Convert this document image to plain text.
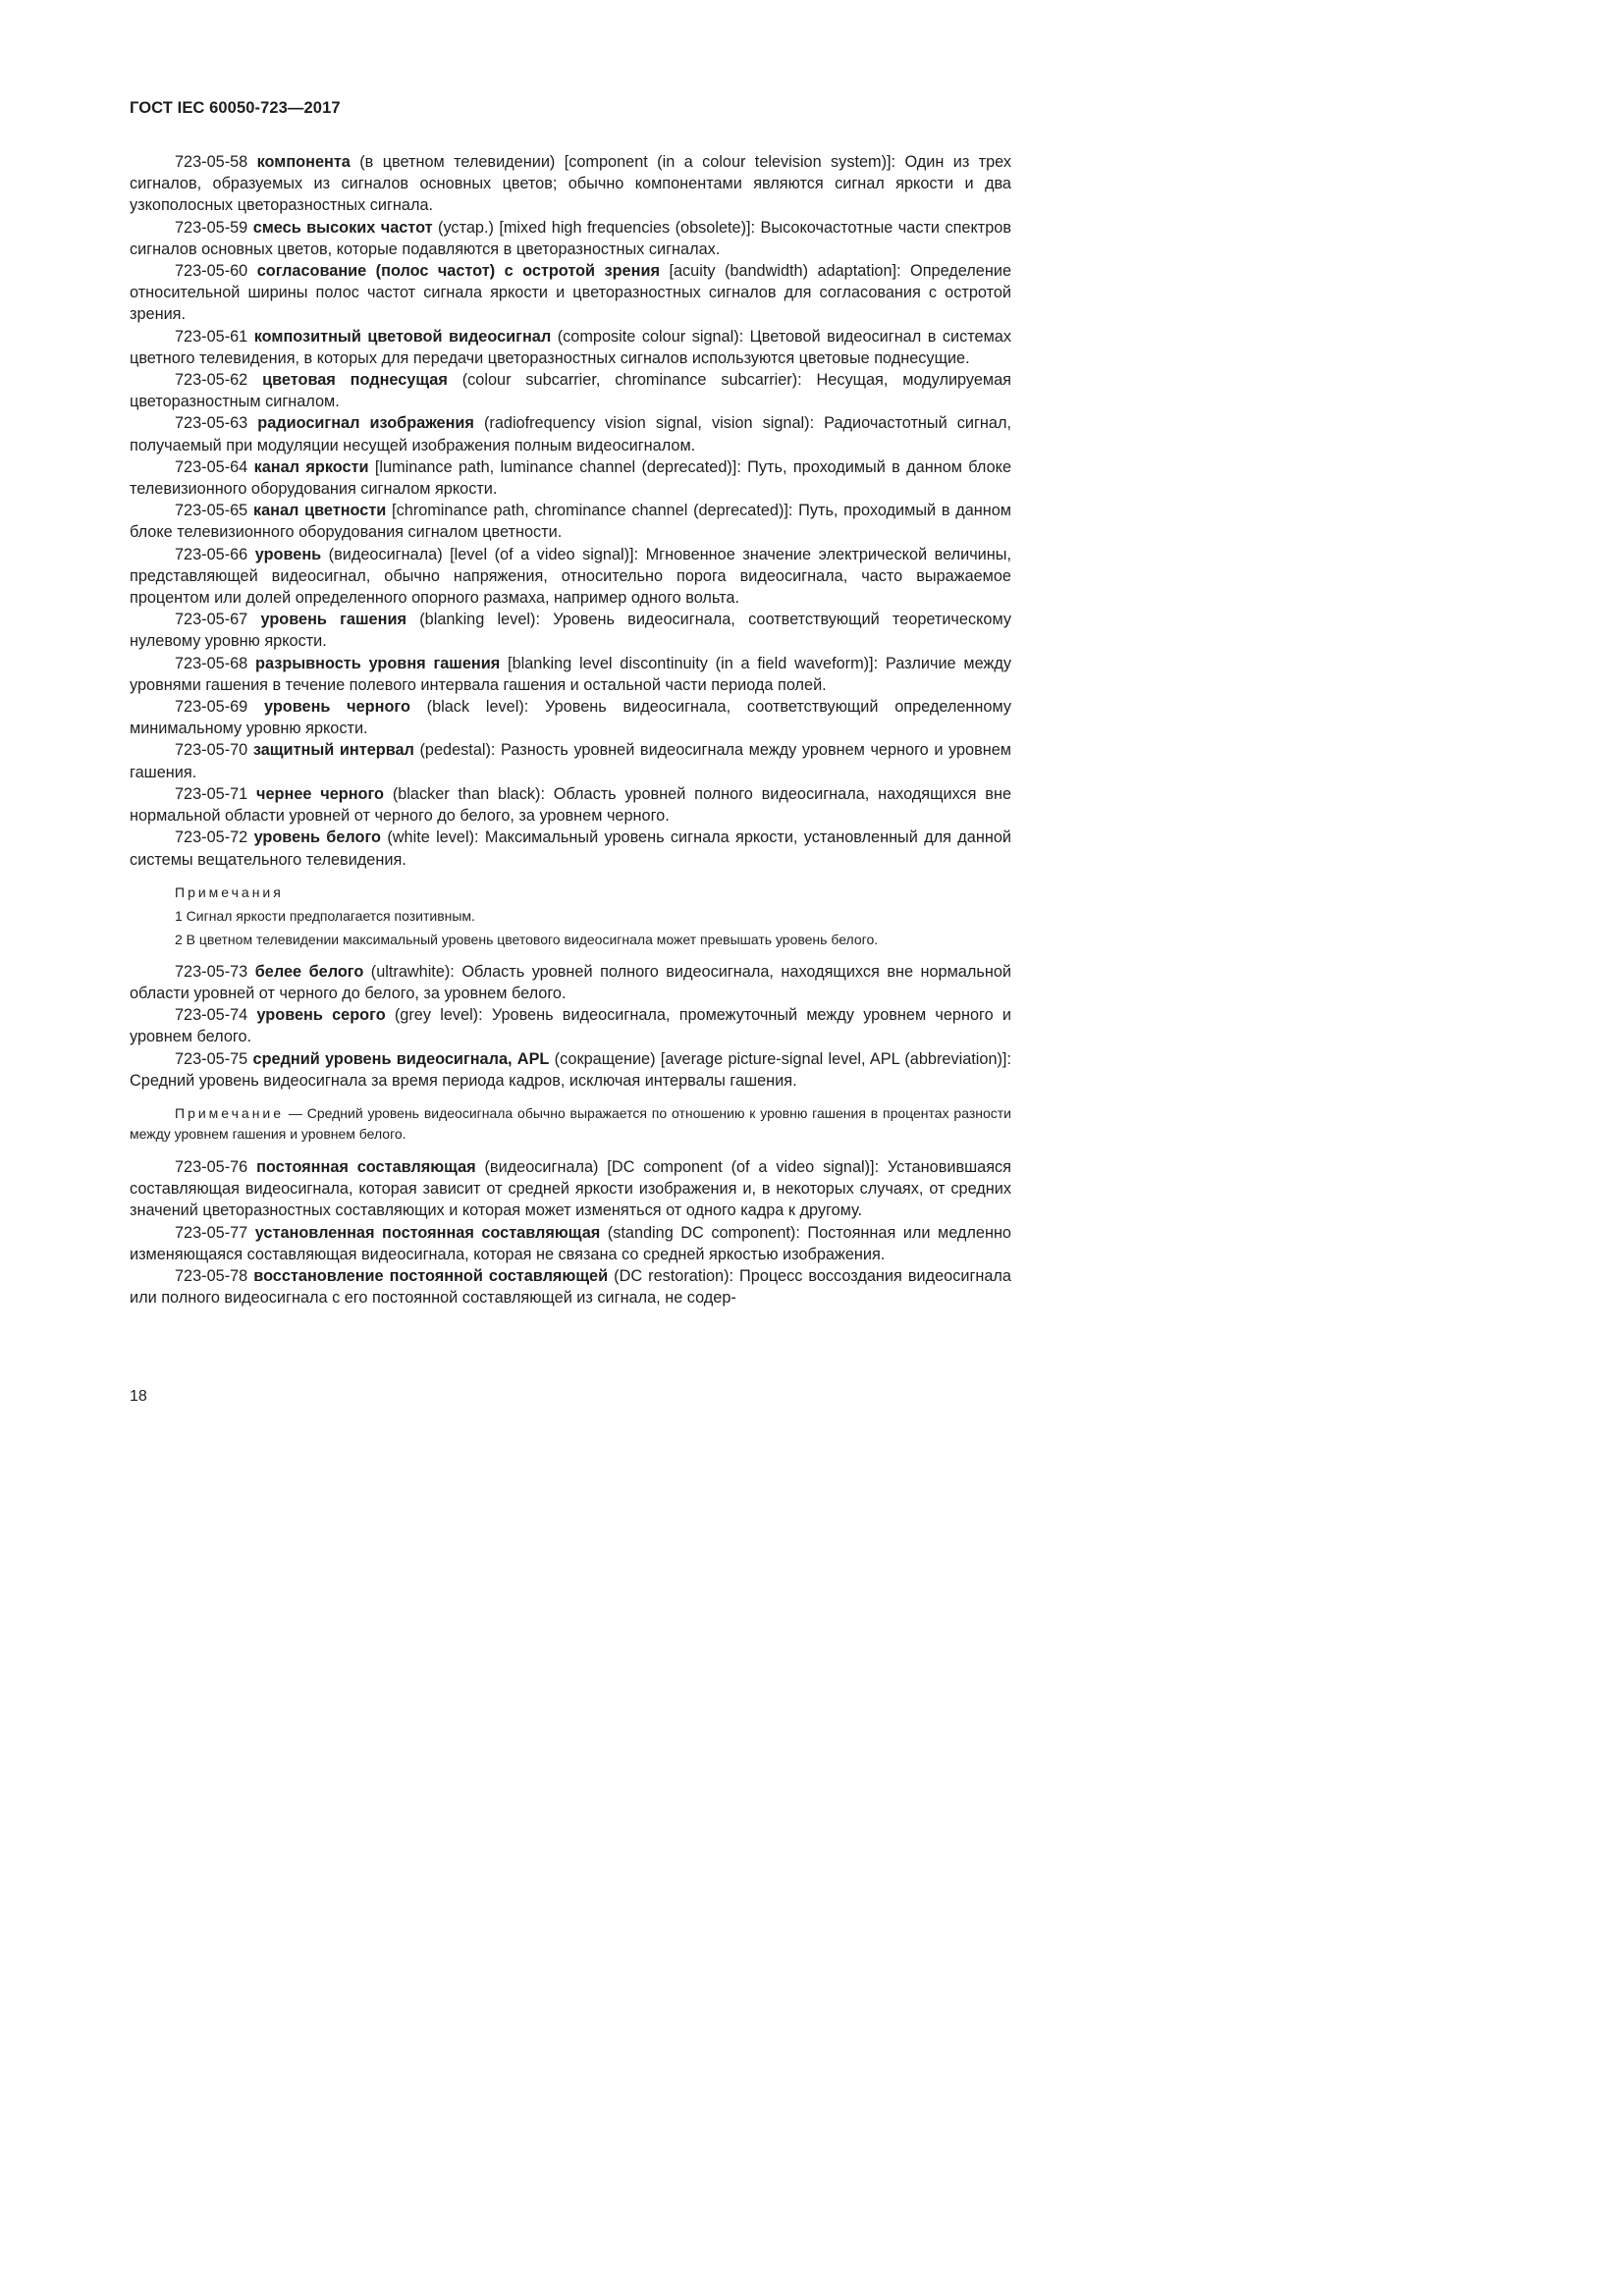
ГОСТ IEC 60050-723—2017

723-05-58 компонента (в цветном телевидении) [component (in a colour television system)]: Один из трех сигналов, образуемых из сигналов основных цветов; обычно компонентами являются сигнал яркости и два узкополосных цветоразностных сигнала.

723-05-59 смесь высоких частот (устар.) [mixed high frequencies (obsolete)]: Высокочастотные части спектров сигналов основных цветов, которые подавляются в цветоразностных сигналах.

723-05-60 согласование (полос частот) с остротой зрения [acuity (bandwidth) adaptation]: Определение относительной ширины полос частот сигнала яркости и цветоразностных сигналов для согласования с остротой зрения.

723-05-61 композитный цветовой видеосигнал (composite colour signal): Цветовой видеосигнал в системах цветного телевидения, в которых для передачи цветоразностных сигналов используются цветовые поднесущие.

723-05-62 цветовая поднесущая (colour subcarrier, chrominance subcarrier): Несущая, модулируемая цветоразностным сигналом.

723-05-63 радиосигнал изображения (radiofrequency vision signal, vision signal): Радиочастотный сигнал, получаемый при модуляции несущей изображения полным видеосигналом.

723-05-64 канал яркости [luminance path, luminance channel (deprecated)]: Путь, проходимый в данном блоке телевизионного оборудования сигналом яркости.

723-05-65 канал цветности [chrominance path, chrominance channel (deprecated)]: Путь, проходимый в данном блоке телевизионного оборудования сигналом цветности.

723-05-66 уровень (видеосигнала) [level (of a video signal)]: Мгновенное значение электрической величины, представляющей видеосигнал, обычно напряжения, относительно порога видеосигнала, часто выражаемое процентом или долей определенного опорного размаха, например одного вольта.

723-05-67 уровень гашения (blanking level): Уровень видеосигнала, соответствующий теоретическому нулевому уровню яркости.

723-05-68 разрывность уровня гашения [blanking level discontinuity (in a field waveform)]: Различие между уровнями гашения в течение полевого интервала гашения и остальной части периода полей.

723-05-69 уровень черного (black level): Уровень видеосигнала, соответствующий определенному минимальному уровню яркости.

723-05-70 защитный интервал (pedestal): Разность уровней видеосигнала между уровнем черного и уровнем гашения.

723-05-71 чернее черного (blacker than black): Область уровней полного видеосигнала, находящихся вне нормальной области уровней от черного до белого, за уровнем черного.

723-05-72 уровень белого (white level): Максимальный уровень сигнала яркости, установленный для данной системы вещательного телевидения.

Примечания
1 Сигнал яркости предполагается позитивным.
2 В цветном телевидении максимальный уровень цветового видеосигнала может превышать уровень белого.

723-05-73 белее белого (ultrawhite): Область уровней полного видеосигнала, находящихся вне нормальной области уровней от черного до белого, за уровнем белого.

723-05-74 уровень серого (grey level): Уровень видеосигнала, промежуточный между уровнем черного и уровнем белого.

723-05-75 средний уровень видеосигнала, APL (сокращение) [average picture-signal level, APL (abbreviation)]: Средний уровень видеосигнала за время периода кадров, исключая интервалы гашения.

Примечание — Средний уровень видеосигнала обычно выражается по отношению к уровню гашения в процентах разности между уровнем гашения и уровнем белого.

723-05-76 постоянная составляющая (видеосигнала) [DC component (of a video signal)]: Установившаяся составляющая видеосигнала, которая зависит от средней яркости изображения и, в некоторых случаях, от средних значений цветоразностных составляющих и которая может изменяться от одного кадра к другому.

723-05-77 установленная постоянная составляющая (standing DC component): Постоянная или медленно изменяющаяся составляющая видеосигнала, которая не связана со средней яркостью изображения.

723-05-78 восстановление постоянной составляющей (DC restoration): Процесс воссоздания видеосигнала или полного видеосигнала с его постоянной составляющей из сигнала, не содер-

18
